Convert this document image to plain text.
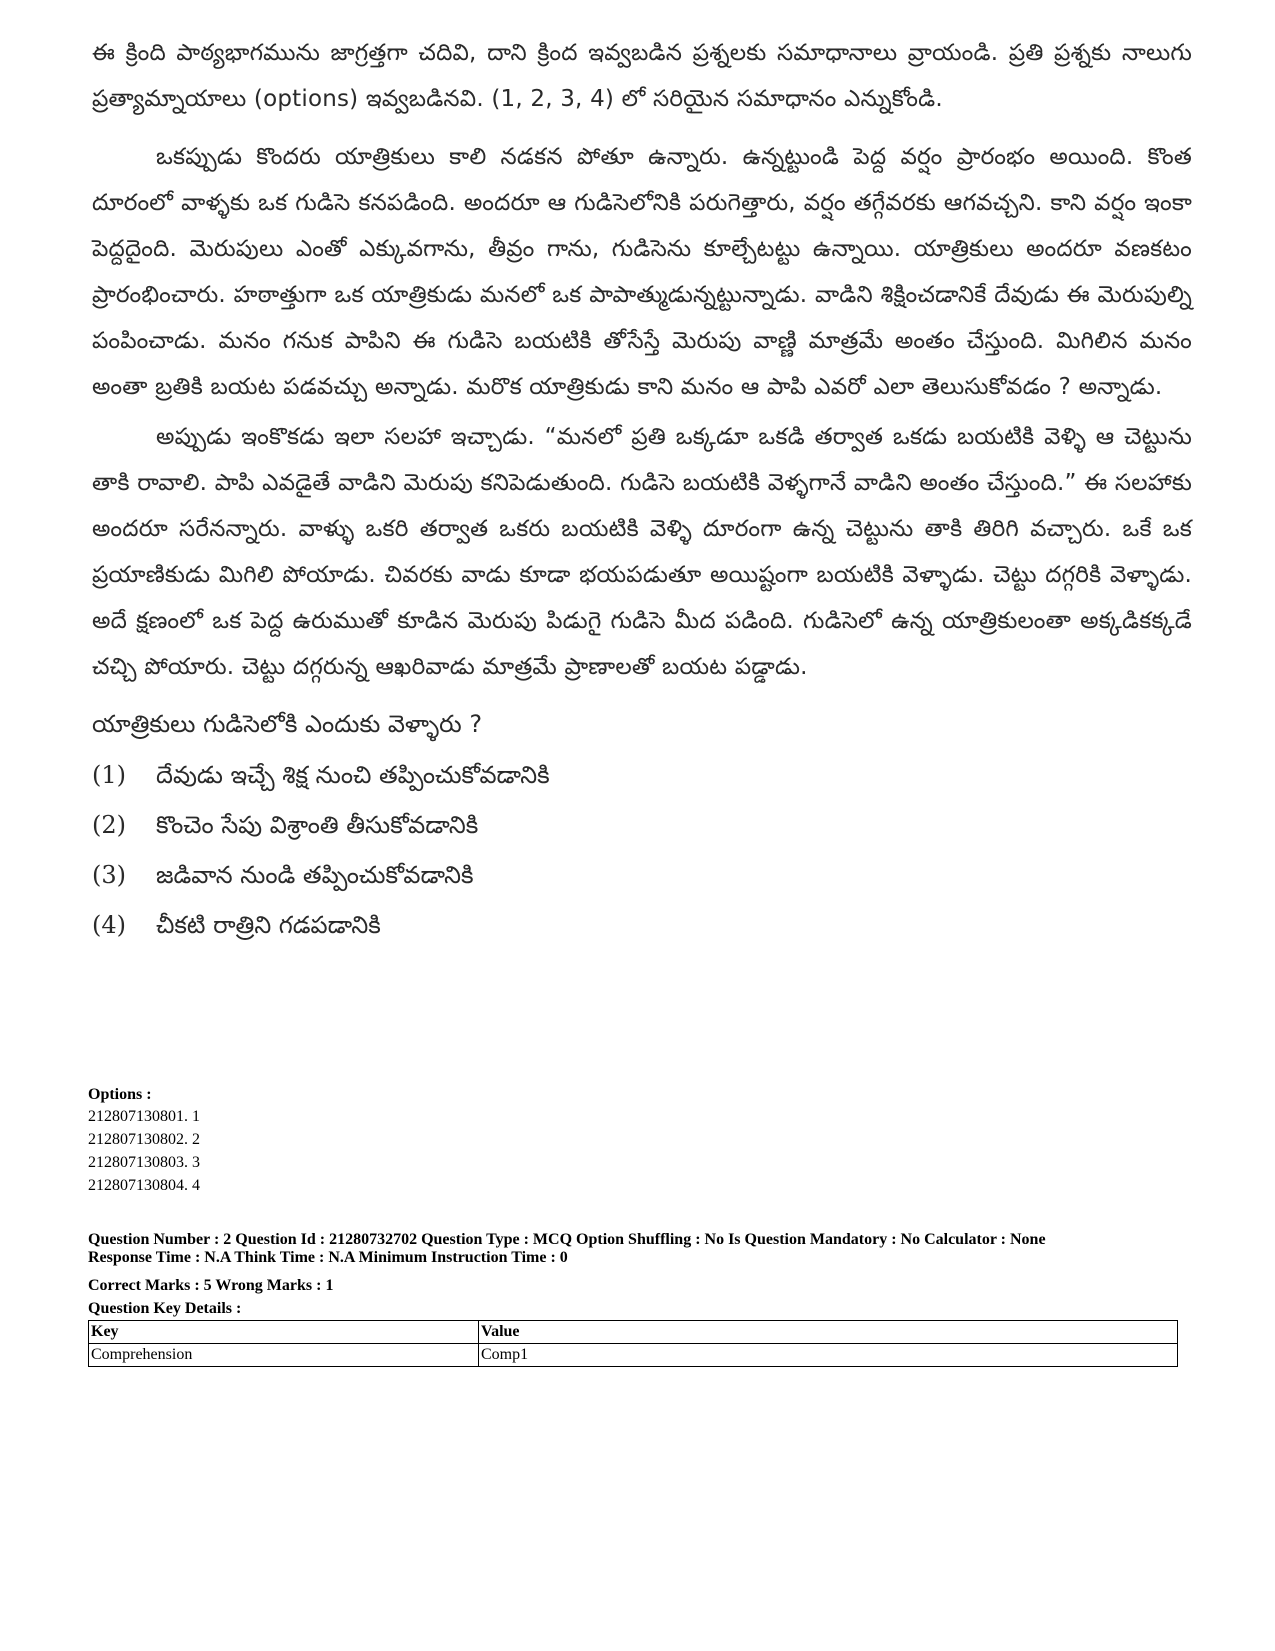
ఈ క్రింది పాఠ్యభాగమును జాగ్రత్తగా చదివి, దాని క్రింద ఇవ్వబడిన ప్రశ్నలకు సమాధానాలు వ్రాయండి. ప్రతి ప్రశ్నకు నాలుగు ప్రత్యామ్నాయాలు (options) ఇవ్వబడినవి. (1, 2, 3, 4) లో సరియైన సమాధానం ఎన్నుకోండి.

ఒకప్పుడు కొందరు యాత్రికులు కాలి నడకన పోతూ ఉన్నారు. ఉన్నట్టుండి పెద్ద వర్షం ప్రారంభం అయింది. కొంత దూరంలో వాళ్ళకు ఒక గుడిసె కనపడింది. అందరూ ఆ గుడిసెలోనికి పరుగెత్తారు, వర్షం తగ్గేవరకు ఆగవచ్చని. కాని వర్షం ఇంకా పెద్దదైంది. మెరుపులు ఎంతో ఎక్కువగాను, తీవ్రం గాను, గుడిసెను కూల్చేటట్టు ఉన్నాయి. యాత్రికులు అందరూ వణకటం ప్రారంభించారు. హఠాత్తుగా ఒక యాత్రికుడు మనలో ఒక పాపాత్ముడున్నట్టున్నాడు. వాడిని శిక్షించడానికే దేవుడు ఈ మెరుపుల్ని పంపించాడు. మనం గనుక పాపిని ఈ గుడిసె బయటికి తోసేస్తే మెరుపు వాణ్ణి మాత్రమే అంతం చేస్తుంది. మిగిలిన మనం అంతా బ్రతికి బయట పడవచ్చు అన్నాడు. మరొక యాత్రికుడు కాని మనం ఆ పాపి ఎవరో ఎలా తెలుసుకోవడం ? అన్నాడు.

అప్పుడు ఇంకొకడు ఇలా సలహా ఇచ్చాడు. “మనలో ప్రతి ఒక్కడూ ఒకడి తర్వాత ఒకడు బయటికి వెళ్ళి ఆ చెట్టును తాకి రావాలి. పాపి ఎవడైతే వాడిని మెరుపు కనిపెడుతుంది. గుడిసె బయటికి వెళ్ళగానే వాడిని అంతం చేస్తుంది.” ఈ సలహాకు అందరూ సరేనన్నారు. వాళ్ళు ఒకరి తర్వాత ఒకరు బయటికి వెళ్ళి దూరంగా ఉన్న చెట్టును తాకి తిరిగి వచ్చారు. ఒకే ఒక ప్రయాణికుడు మిగిలి పోయాడు. చివరకు వాడు కూడా భయపడుతూ అయిష్టంగా బయటికి వెళ్ళాడు. చెట్టు దగ్గరికి వెళ్ళాడు. అదే క్షణంలో ఒక పెద్ద ఉరుముతో కూడిన మెరుపు పిడుగై గుడిసె మీద పడింది. గుడిసెలో ఉన్న యాత్రికులంతా అక్కడికక్కడే చచ్చి పోయారు. చెట్టు దగ్గరున్న ఆఖరివాడు మాత్రమే ప్రాణాలతో బయట పడ్డాడు.

యాత్రికులు గుడిసెలోకి ఎందుకు వెళ్ళారు ?
(1)	దేవుడు ఇచ్చే శిక్ష నుంచి తప్పించుకోవడానికి
(2)	కొంచెం సేపు విశ్రాంతి తీసుకోవడానికి
(3)	జడివాన నుండి తప్పించుకోవడానికి
(4)	చీకటి రాత్రిని గడపడానికి
Options :
212807130801. 1
212807130802. 2
212807130803. 3
212807130804. 4
Question Number : 2 Question Id : 21280732702 Question Type : MCQ Option Shuffling : No Is Question Mandatory : No Calculator : None
Response Time : N.A Think Time : N.A Minimum Instruction Time : 0
Correct Marks : 5 Wrong Marks : 1
Question Key Details :
Key	Value
Comprehension	Comp1
